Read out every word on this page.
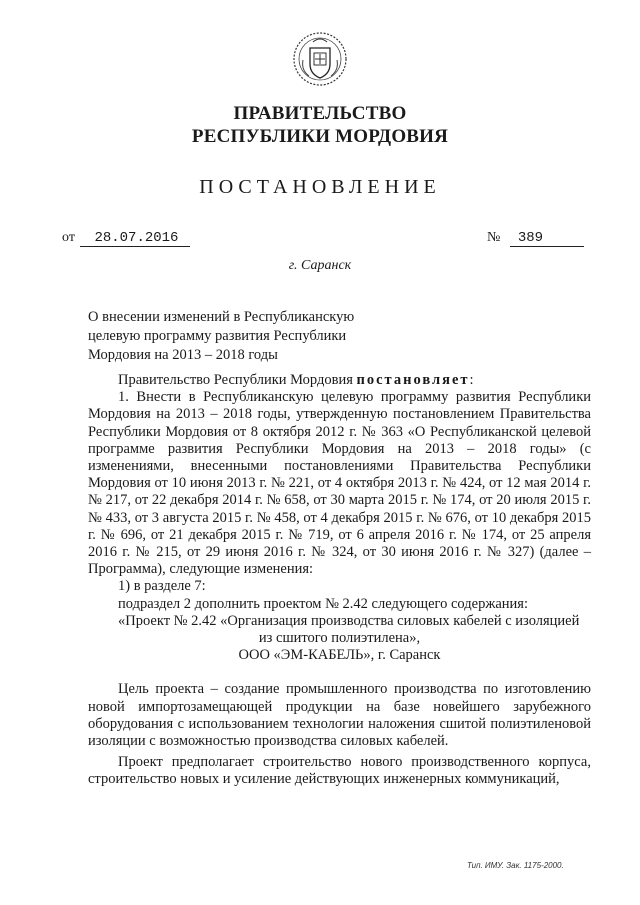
ПРАВИТЕЛЬСТВО
РЕСПУБЛИКИ МОРДОВИЯ
ПОСТАНОВЛЕНИЕ
от 28.07.2016	№ 389
г. Саранск
О внесении изменений в Республиканскую целевую программу развития Республики Мордовия на 2013 – 2018 годы

Правительство Республики Мордовия постановляет:

1. Внести в Республиканскую целевую программу развития Республики Мордовия на 2013 – 2018 годы, утвержденную постановлением Правительства Республики Мордовия от 8 октября 2012 г. № 363 «О Республиканской целевой программе развития Республики Мордовия на 2013 – 2018 годы» (с изменениями, внесенными постановлениями Правительства Республики Мордовия от 10 июня 2013 г. № 221, от 4 октября 2013 г. № 424, от 12 мая 2014 г. № 217, от 22 декабря 2014 г. № 658, от 30 марта 2015 г. № 174, от 20 июля 2015 г. № 433, от 3 августа 2015 г. № 458, от 4 декабря 2015 г. № 676, от 10 декабря 2015 г. № 696, от 21 декабря 2015 г. № 719, от 6 апреля 2016 г. № 174, от 25 апреля 2016 г. № 215, от 29 июня 2016 г. № 324, от 30 июня 2016 г. № 327) (далее – Программа), следующие изменения:

1) в разделе 7:

подраздел 2 дополнить проектом № 2.42 следующего содержания:

«Проект № 2.42 «Организация производства силовых кабелей с изоляцией

из сшитого полиэтилена»,

ООО «ЭМ-КАБЕЛЬ», г. Саранск

Цель проекта – создание промышленного производства по изготовлению новой импортозамещающей продукции на базе новейшего зарубежного оборудования с использованием технологии наложения сшитой полиэтиленовой изоляции с возможностью производства силовых кабелей.

Проект предполагает строительство нового производственного корпуса, строительство новых и усиление действующих инженерных коммуникаций,

Тип. ИМУ. Зак. 1175-2000.
